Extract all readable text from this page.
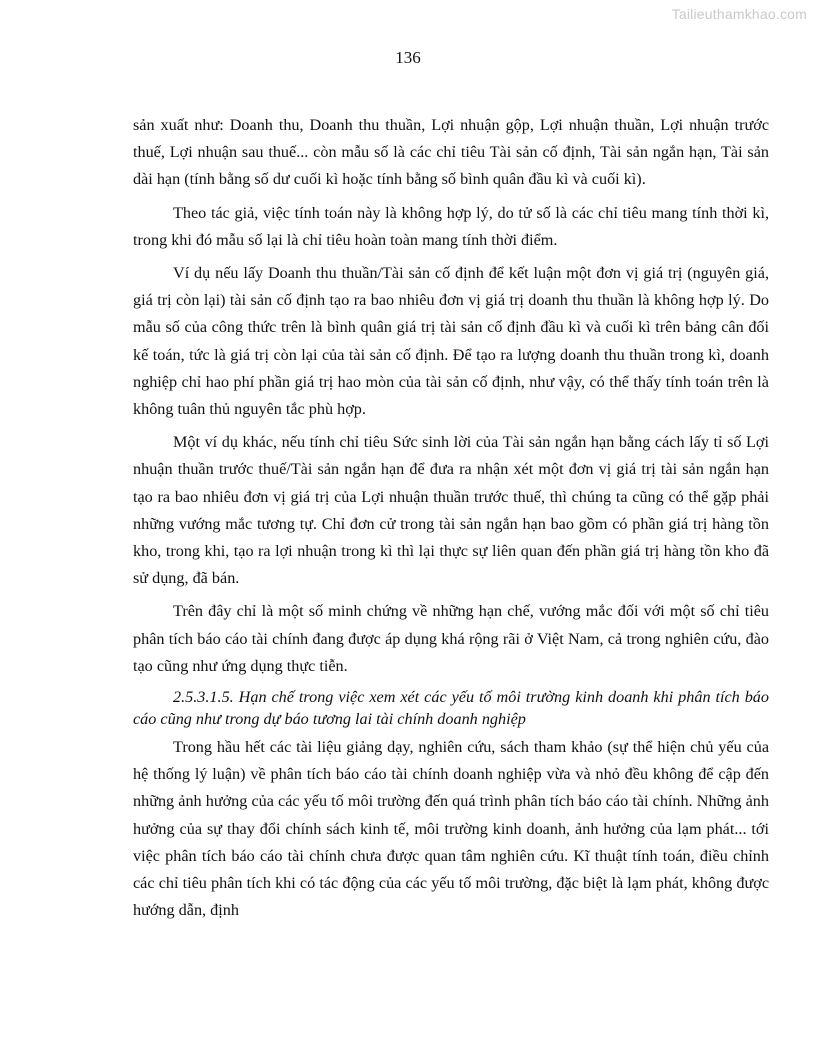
Tailieuthamkhao.com
136

sản xuất như: Doanh thu, Doanh thu thuần, Lợi nhuận gộp, Lợi nhuận thuần, Lợi nhuận trước thuế, Lợi nhuận sau thuế... còn mẫu số là các chỉ tiêu Tài sản cố định, Tài sản ngắn hạn, Tài sản dài hạn (tính bằng số dư cuối kì hoặc tính bằng số bình quân đầu kì và cuối kì).

Theo tác giả, việc tính toán này là không hợp lý, do tử số là các chỉ tiêu mang tính thời kì, trong khi đó mẫu số lại là chỉ tiêu hoàn toàn mang tính thời điểm.

Ví dụ nếu lấy Doanh thu thuần/Tài sản cố định để kết luận một đơn vị giá trị (nguyên giá, giá trị còn lại) tài sản cố định tạo ra bao nhiêu đơn vị giá trị doanh thu thuần là không hợp lý. Do mẫu số của công thức trên là bình quân giá trị tài sản cố định đầu kì và cuối kì trên bảng cân đối kế toán, tức là giá trị còn lại của tài sản cố định. Để tạo ra lượng doanh thu thuần trong kì, doanh nghiệp chỉ hao phí phần giá trị hao mòn của tài sản cố định, như vậy, có thể thấy tính toán trên là không tuân thủ nguyên tắc phù hợp.

Một ví dụ khác, nếu tính chỉ tiêu Sức sinh lời của Tài sản ngắn hạn bằng cách lấy tỉ số Lợi nhuận thuần trước thuế/Tài sản ngắn hạn để đưa ra nhận xét một đơn vị giá trị tài sản ngắn hạn tạo ra bao nhiêu đơn vị giá trị của Lợi nhuận thuần trước thuế, thì chúng ta cũng có thể gặp phải những vướng mắc tương tự. Chỉ đơn cử trong tài sản ngắn hạn bao gồm có phần giá trị hàng tồn kho, trong khi, tạo ra lợi nhuận trong kì thì lại thực sự liên quan đến phần giá trị hàng tồn kho đã sử dụng, đã bán.

Trên đây chỉ là một số minh chứng về những hạn chế, vướng mắc đối với một số chỉ tiêu phân tích báo cáo tài chính đang được áp dụng khá rộng rãi ở Việt Nam, cả trong nghiên cứu, đào tạo cũng như ứng dụng thực tiễn.

2.5.3.1.5. Hạn chế trong việc xem xét các yếu tố môi trường kinh doanh khi phân tích báo cáo cũng như trong dự báo tương lai tài chính doanh nghiệp

Trong hầu hết các tài liệu giảng dạy, nghiên cứu, sách tham khảo (sự thể hiện chủ yếu của hệ thống lý luận) về phân tích báo cáo tài chính doanh nghiệp vừa và nhỏ đều không để cập đến những ảnh hưởng của các yếu tố môi trường đến quá trình phân tích báo cáo tài chính. Những ảnh hưởng của sự thay đổi chính sách kinh tế, môi trường kinh doanh, ảnh hưởng của lạm phát... tới việc phân tích báo cáo tài chính chưa được quan tâm nghiên cứu. Kĩ thuật tính toán, điều chỉnh các chỉ tiêu phân tích khi có tác động của các yếu tố môi trường, đặc biệt là lạm phát, không được hướng dẫn, định
